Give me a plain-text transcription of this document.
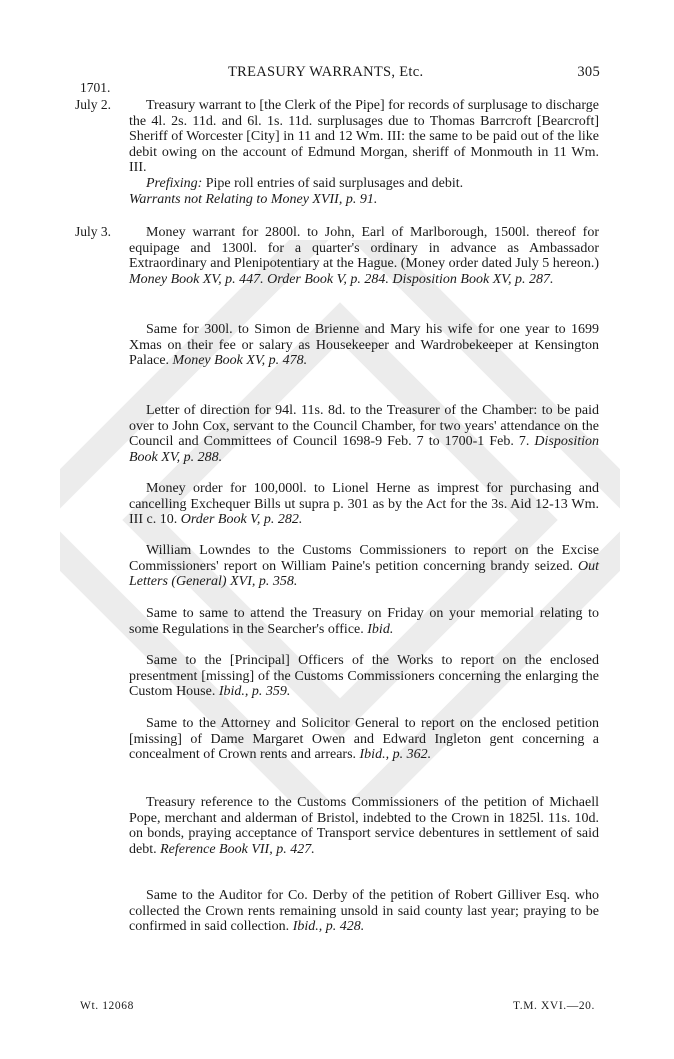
TREASURY WARRANTS, Etc.	305
1701.
July 2.	Treasury warrant to [the Clerk of the Pipe] for records of surplusage to discharge the 4l. 2s. 11d. and 6l. 1s. 11d. surplusages due to Thomas Barrcroft [Bearcroft] Sheriff of Worcester [City] in 11 and 12 Wm. III: the same to be paid out of the like debit owing on the account of Edmund Morgan, sheriff of Monmouth in 11 Wm. III.
Prefixing: Pipe roll entries of said surplusages and debit.
Warrants not Relating to Money XVII, p. 91.
July 3.	Money warrant for 2800l. to John, Earl of Marlborough, 1500l. thereof for equipage and 1300l. for a quarter's ordinary in advance as Ambassador Extraordinary and Plenipotentiary at the Hague. (Money order dated July 5 hereon.) Money Book XV, p. 447. Order Book V, p. 284. Disposition Book XV, p. 287.
Same for 300l. to Simon de Brienne and Mary his wife for one year to 1699 Xmas on their fee or salary as Housekeeper and Wardrobekeeper at Kensington Palace. Money Book XV, p. 478.
Letter of direction for 94l. 11s. 8d. to the Treasurer of the Chamber: to be paid over to John Cox, servant to the Council Chamber, for two years' attendance on the Council and Committees of Council 1698-9 Feb. 7 to 1700-1 Feb. 7. Disposition Book XV, p. 288.
Money order for 100,000l. to Lionel Herne as imprest for purchasing and cancelling Exchequer Bills ut supra p. 301 as by the Act for the 3s. Aid 12-13 Wm. III c. 10. Order Book V, p. 282.
William Lowndes to the Customs Commissioners to report on the Excise Commissioners' report on William Paine's petition concerning brandy seized. Out Letters (General) XVI, p. 358.
Same to same to attend the Treasury on Friday on your memorial relating to some Regulations in the Searcher's office. Ibid.
Same to the [Principal] Officers of the Works to report on the enclosed presentment [missing] of the Customs Commissioners concerning the enlarging the Custom House. Ibid., p. 359.
Same to the Attorney and Solicitor General to report on the enclosed petition [missing] of Dame Margaret Owen and Edward Ingleton gent concerning a concealment of Crown rents and arrears. Ibid., p. 362.
Treasury reference to the Customs Commissioners of the petition of Michaell Pope, merchant and alderman of Bristol, indebted to the Crown in 1825l. 11s. 10d. on bonds, praying acceptance of Transport service debentures in settlement of said debt. Reference Book VII, p. 427.
Same to the Auditor for Co. Derby of the petition of Robert Gilliver Esq. who collected the Crown rents remaining unsold in said county last year; praying to be confirmed in said collection. Ibid., p. 428.
Wt. 12068	T.M. XVI.—20.
